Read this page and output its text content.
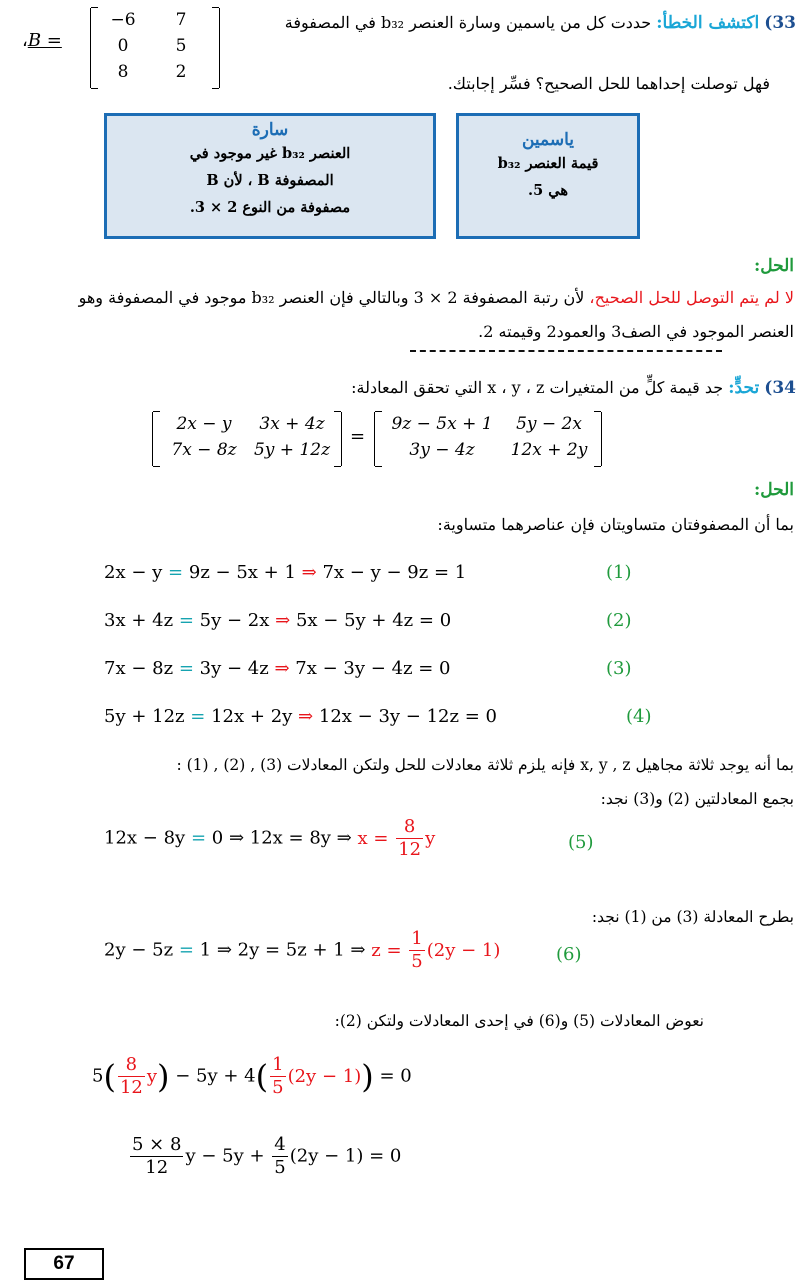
33) اكتشف الخطأ: حددت كل من ياسمين وسارة العنصر b₃₂ في المصفوفة
،B =
−6	7
0	5
8	2
فهل توصلت إحداهما للحل الصحيح؟ فسِّر إجابتك.
سارة
العنصر b₃₂ غير موجود في
المصفوفة B ، لأن B
مصفوفة من النوع 2 × 3.
ياسمين
قيمة العنصر b₃₂
هي 5.
الحل:
لا لم يتم التوصل للحل الصحيح، لأن رتبة المصفوفة 2 × 3 وبالتالي فإن العنصر b₃₂ موجود في المصفوفة وهو
العنصر الموجود في الصف3 والعمود2 وقيمته 2.
34) تحدٍّ: جد قيمة كلٍّ من المتغيرات x ، y ، z التي تحقق المعادلة:
2x − y	3x + 4z
7x − 8z	5y + 12z
=
9z − 5x + 1	5y − 2x
3y − 4z	12x + 2y
الحل:
بما أن المصفوفتان متساويتان فإن عناصرهما متساوية:
2x − y = 9z − 5x + 1 ⇒ 7x − y − 9z = 1	(1)
3x + 4z = 5y − 2x ⇒ 5x − 5y + 4z = 0	(2)
7x − 8z = 3y − 4z ⇒ 7x − 3y − 4z = 0	(3)
5y + 12z = 12x + 2y ⇒ 12x − 3y − 12z = 0	(4)
بما أنه يوجد ثلاثة مجاهيل x, y , z فإنه يلزم ثلاثة معادلات للحل ولتكن المعادلات (3) , (2) , (1) :
بجمع المعادلتين (2) و(3) نجد:
12x − 8y = 0 ⇒ 12x = 8y ⇒ $x = \frac{8}{12}$ y	(5)
بطرح المعادلة (3) من (1) نجد:
2y − 5z = 1 ⇒ 2y = 5z + 1 ⇒ $z = \frac{1}{5} (2y - 1)$	(6)
نعوض المعادلات (5) و(6) في إحدى المعادلات ولتكن (2):
$5( \frac{8}{12} y) - 5y + 4( \frac{1}{5} (2y - 1)) = 0$
$\frac{5 \times 8}{12}$ $y - 5y + \frac{4}{5} (2y - 1) = 0$
67
